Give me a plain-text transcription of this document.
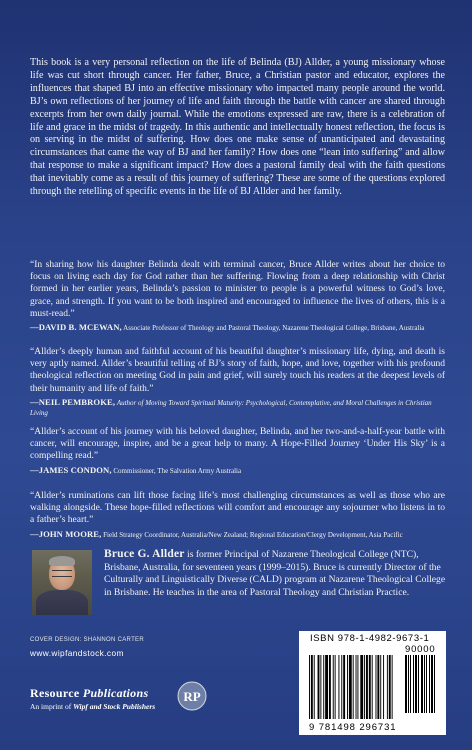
This book is a very personal reflection on the life of Belinda (BJ) Allder, a young missionary whose life was cut short through cancer. Her father, Bruce, a Christian pastor and educator, explores the influences that shaped BJ into an effective missionary who impacted many people around the world. BJ’s own reflections of her journey of life and faith through the battle with cancer are shared through excerpts from her own daily journal. While the emotions expressed are raw, there is a celebration of life and grace in the midst of tragedy. In this authentic and intellectually honest reflection, the focus is on serving in the midst of suffering. How does one make sense of unanticipated and devastating circumstances that came the way of BJ and her family? How does one “lean into suffering” and allow that response to make a significant impact? How does a pastoral family deal with the faith questions that inevitably come as a result of this journey of suffering? These are some of the questions explored through the retelling of specific events in the life of BJ Allder and her family.

“In sharing how his daughter Belinda dealt with terminal cancer, Bruce Allder writes about her choice to focus on living each day for God rather than her suffering. Flowing from a deep relationship with Christ formed in her earlier years, Belinda’s passion to minister to people is a powerful witness to God’s love, grace, and strength. If you want to be both inspired and encouraged to influence the lives of others, this is a must-read.”

—DAVID B. MCEWAN, Associate Professor of Theology and Pastoral Theology, Nazarene Theological College, Brisbane, Australia

“Allder’s deeply human and faithful account of his beautiful daughter’s missionary life, dying, and death is very aptly named. Allder’s beautiful telling of BJ’s story of faith, hope, and love, together with his profound theological reflection on meeting God in pain and grief, will surely touch his readers at the deepest levels of their humanity and life of faith.”

—NEIL PEMBROKE, Author of Moving Toward Spiritual Maturity: Psychological, Contemplative, and Moral Challenges in Christian Living

“Allder’s account of his journey with his beloved daughter, Belinda, and her two-and-a-half-year battle with cancer, will encourage, inspire, and be a great help to many. A Hope-Filled Journey ‘Under His Sky’ is a compelling read.”

—JAMES CONDON, Commissioner, The Salvation Army Australia

“Allder’s ruminations can lift those facing life’s most challenging circumstances as well as those who are walking alongside. These hope-filled reflections will comfort and encourage any sojourner who listens in to a father’s heart.”

—JOHN MOORE, Field Strategy Coordinator, Australia/New Zealand; Regional Education/Clergy Development, Asia Pacific

Bruce G. Allder is former Principal of Nazarene Theological College (NTC), Brisbane, Australia, for seventeen years (1999–2015). Bruce is currently Director of the Culturally and Linguistically Diverse (CALD) program at Nazarene Theological College in Brisbane. He teaches in the area of Pastoral Theology and Christian Practice.

COVER DESIGN: SHANNON CARTER
www.wipfandstock.com
Resource Publications
An imprint of Wipf and Stock Publishers
RP
ISBN 978-1-4982-9673-1
90000
9 781498 296731
